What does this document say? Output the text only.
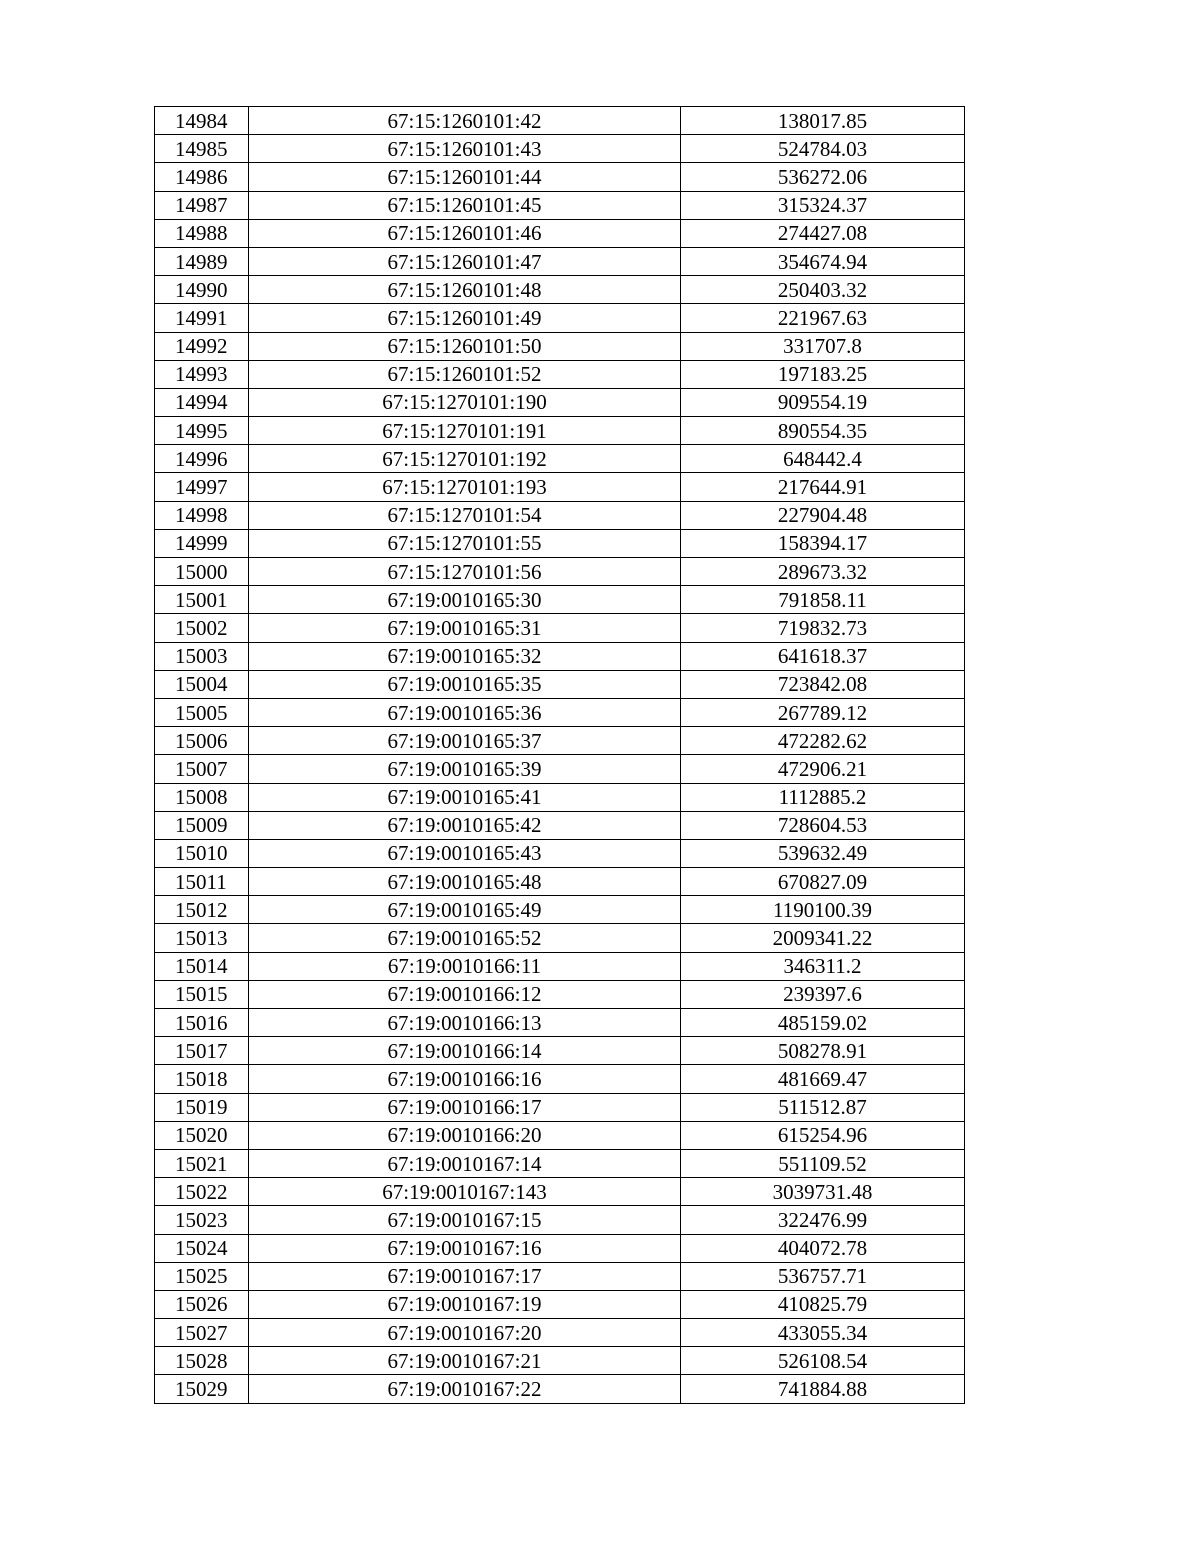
14984	67:15:1260101:42	138017.85
14985	67:15:1260101:43	524784.03
14986	67:15:1260101:44	536272.06
14987	67:15:1260101:45	315324.37
14988	67:15:1260101:46	274427.08
14989	67:15:1260101:47	354674.94
14990	67:15:1260101:48	250403.32
14991	67:15:1260101:49	221967.63
14992	67:15:1260101:50	331707.8
14993	67:15:1260101:52	197183.25
14994	67:15:1270101:190	909554.19
14995	67:15:1270101:191	890554.35
14996	67:15:1270101:192	648442.4
14997	67:15:1270101:193	217644.91
14998	67:15:1270101:54	227904.48
14999	67:15:1270101:55	158394.17
15000	67:15:1270101:56	289673.32
15001	67:19:0010165:30	791858.11
15002	67:19:0010165:31	719832.73
15003	67:19:0010165:32	641618.37
15004	67:19:0010165:35	723842.08
15005	67:19:0010165:36	267789.12
15006	67:19:0010165:37	472282.62
15007	67:19:0010165:39	472906.21
15008	67:19:0010165:41	1112885.2
15009	67:19:0010165:42	728604.53
15010	67:19:0010165:43	539632.49
15011	67:19:0010165:48	670827.09
15012	67:19:0010165:49	1190100.39
15013	67:19:0010165:52	2009341.22
15014	67:19:0010166:11	346311.2
15015	67:19:0010166:12	239397.6
15016	67:19:0010166:13	485159.02
15017	67:19:0010166:14	508278.91
15018	67:19:0010166:16	481669.47
15019	67:19:0010166:17	511512.87
15020	67:19:0010166:20	615254.96
15021	67:19:0010167:14	551109.52
15022	67:19:0010167:143	3039731.48
15023	67:19:0010167:15	322476.99
15024	67:19:0010167:16	404072.78
15025	67:19:0010167:17	536757.71
15026	67:19:0010167:19	410825.79
15027	67:19:0010167:20	433055.34
15028	67:19:0010167:21	526108.54
15029	67:19:0010167:22	741884.88
